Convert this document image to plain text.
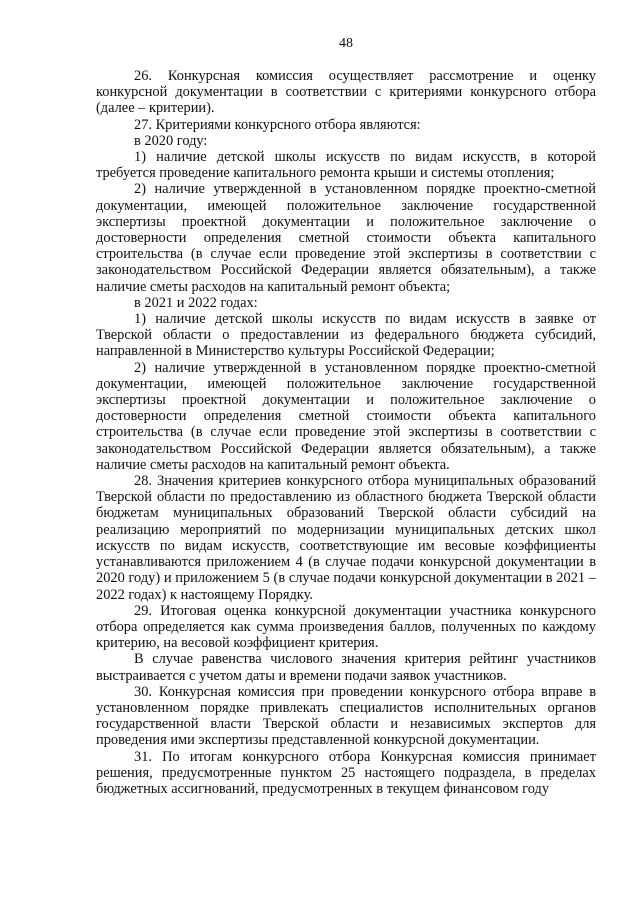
48

26. Конкурсная комиссия осуществляет рассмотрение и оценку конкурсной документации в соответствии с критериями конкурсного отбора (далее – критерии).

27. Критериями конкурсного отбора являются:

в 2020 году:

1) наличие детской школы искусств по видам искусств, в которой требуется проведение капитального ремонта крыши и системы отопления;

2) наличие утвержденной в установленном порядке проектно-сметной документации, имеющей положительное заключение государственной экспертизы проектной документации и положительное заключение о достоверности определения сметной стоимости объекта капитального строительства (в случае если проведение этой экспертизы в соответствии с законодательством Российской Федерации является обязательным), а также наличие сметы расходов на капитальный ремонт объекта;

в 2021 и 2022 годах:

1) наличие детской школы искусств по видам искусств в заявке от Тверской области о предоставлении из федерального бюджета субсидий, направленной в Министерство культуры Российской Федерации;

2) наличие утвержденной в установленном порядке проектно-сметной документации, имеющей положительное заключение государственной экспертизы проектной документации и положительное заключение о достоверности определения сметной стоимости объекта капитального строительства (в случае если проведение этой экспертизы в соответствии с законодательством Российской Федерации является обязательным), а также наличие сметы расходов на капитальный ремонт объекта.

28. Значения критериев конкурсного отбора муниципальных образований Тверской области по предоставлению из областного бюджета Тверской области бюджетам муниципальных образований Тверской области субсидий на реализацию мероприятий по модернизации муниципальных детских школ искусств по видам искусств, соответствующие им весовые коэффициенты устанавливаются приложением 4 (в случае подачи конкурсной документации в 2020 году) и приложением 5 (в случае подачи конкурсной документации в 2021 – 2022 годах) к настоящему Порядку.

29. Итоговая оценка конкурсной документации участника конкурсного отбора определяется как сумма произведения баллов, полученных по каждому критерию, на весовой коэффициент критерия.

В случае равенства числового значения критерия рейтинг участников выстраивается с учетом даты и времени подачи заявок участников.

30. Конкурсная комиссия при проведении конкурсного отбора вправе в установленном порядке привлекать специалистов исполнительных органов государственной власти Тверской области и независимых экспертов для проведения ими экспертизы представленной конкурсной документации.

31. По итогам конкурсного отбора Конкурсная комиссия принимает решения, предусмотренные пунктом 25 настоящего подраздела, в пределах бюджетных ассигнований, предусмотренных в текущем финансовом году
